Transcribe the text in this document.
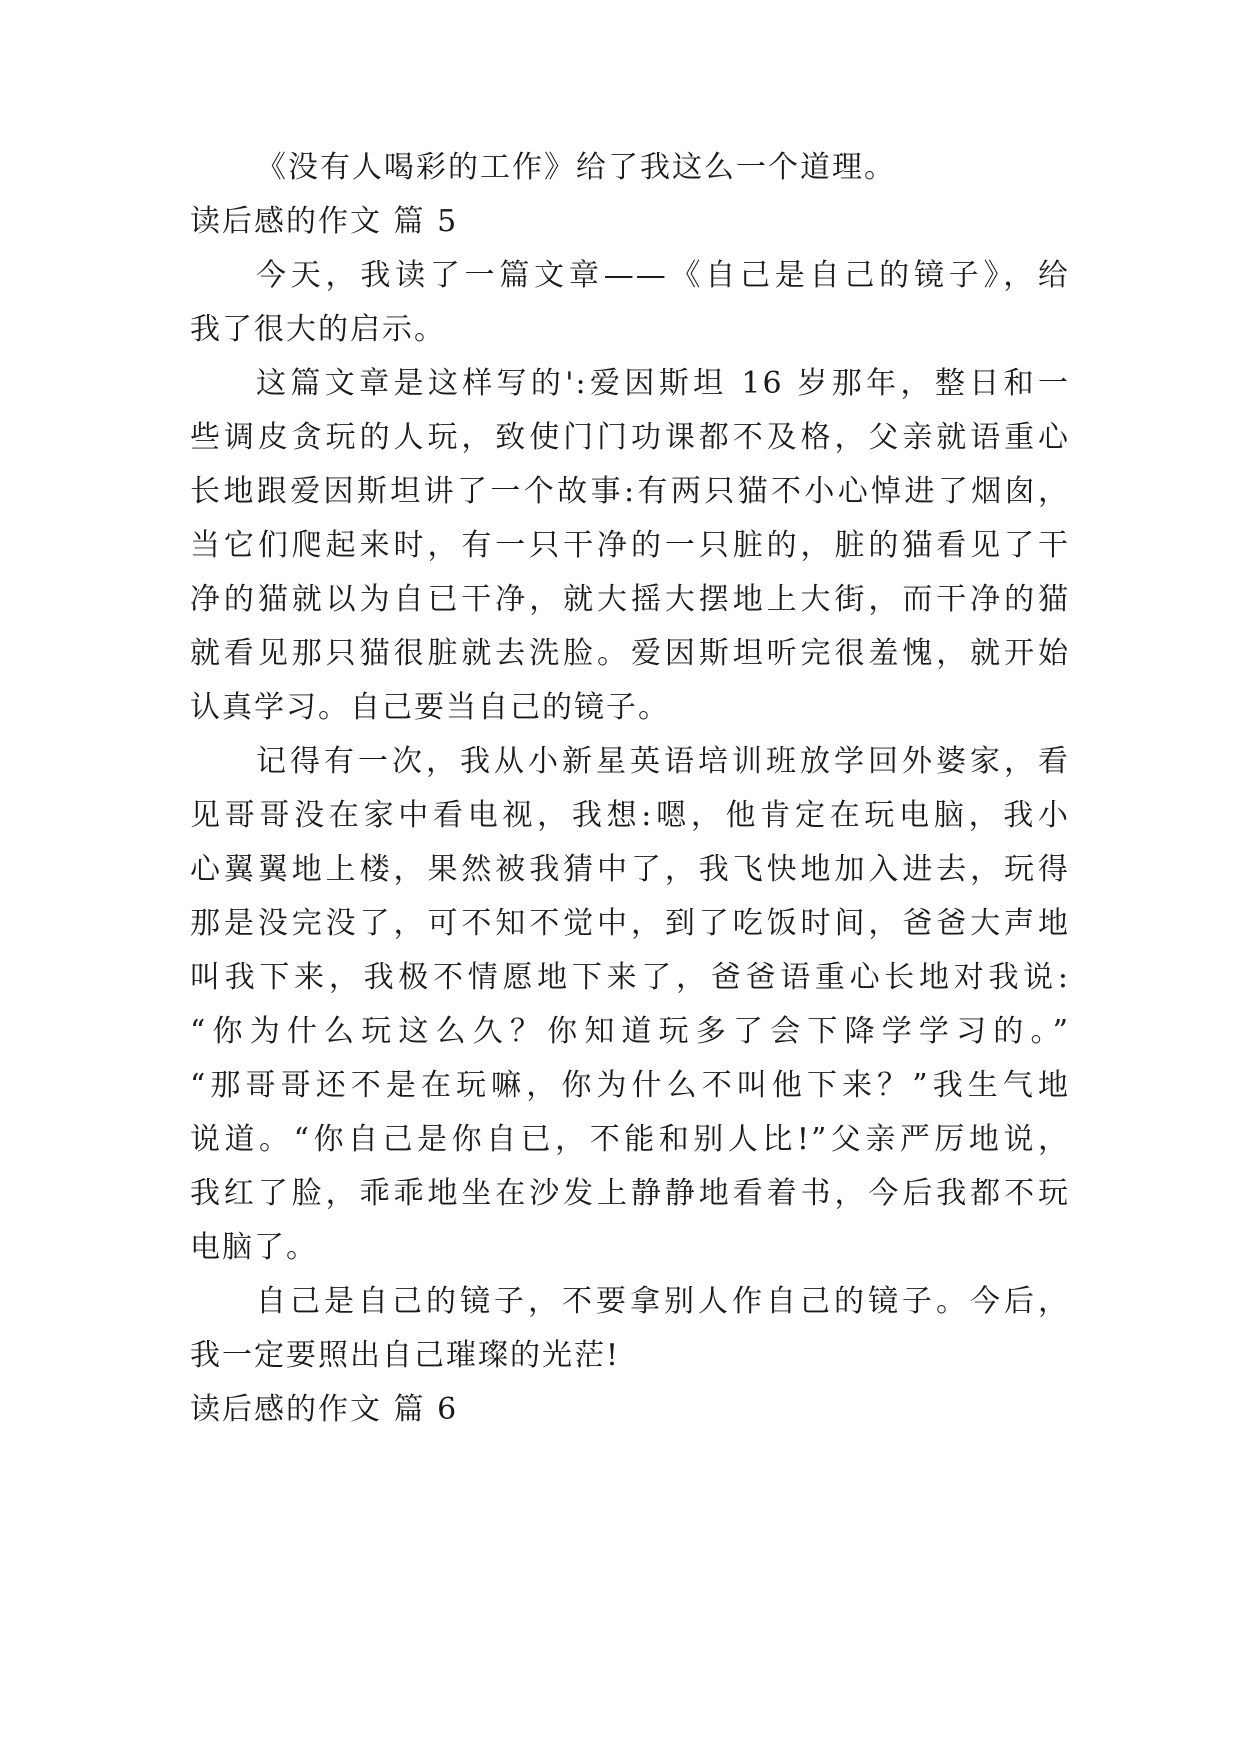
《没有人喝彩的工作》给了我这么一个道理。
读后感的作文 篇 5
今天，我读了一篇文章——《自己是自己的镜子》，给
我了很大的启示。
这篇文章是这样写的':爱因斯坦 16 岁那年，整日和一
些调皮贪玩的人玩，致使门门功课都不及格，父亲就语重心
长地跟爱因斯坦讲了一个故事:有两只猫不小心悼进了烟囱，
当它们爬起来时，有一只干净的一只脏的，脏的猫看见了干
净的猫就以为自已干净，就大摇大摆地上大街，而干净的猫
就看见那只猫很脏就去洗脸。爱因斯坦听完很羞愧，就开始
认真学习。自己要当自己的镜子。
记得有一次，我从小新星英语培训班放学回外婆家，看
见哥哥没在家中看电视，我想:嗯，他肯定在玩电脑，我小
心翼翼地上楼，果然被我猜中了，我飞快地加入进去，玩得
那是没完没了，可不知不觉中，到了吃饭时间，爸爸大声地
叫我下来，我极不情愿地下来了，爸爸语重心长地对我说:
“你为什么玩这么久？你知道玩多了会下降学学习的。”
“那哥哥还不是在玩嘛，你为什么不叫他下来？”我生气地
说道。“你自己是你自已，不能和别人比!”父亲严厉地说，
我红了脸，乖乖地坐在沙发上静静地看着书，今后我都不玩
电脑了。
自己是自己的镜子，不要拿别人作自己的镜子。今后，
我一定要照出自己璀璨的光茫!
读后感的作文 篇 6
